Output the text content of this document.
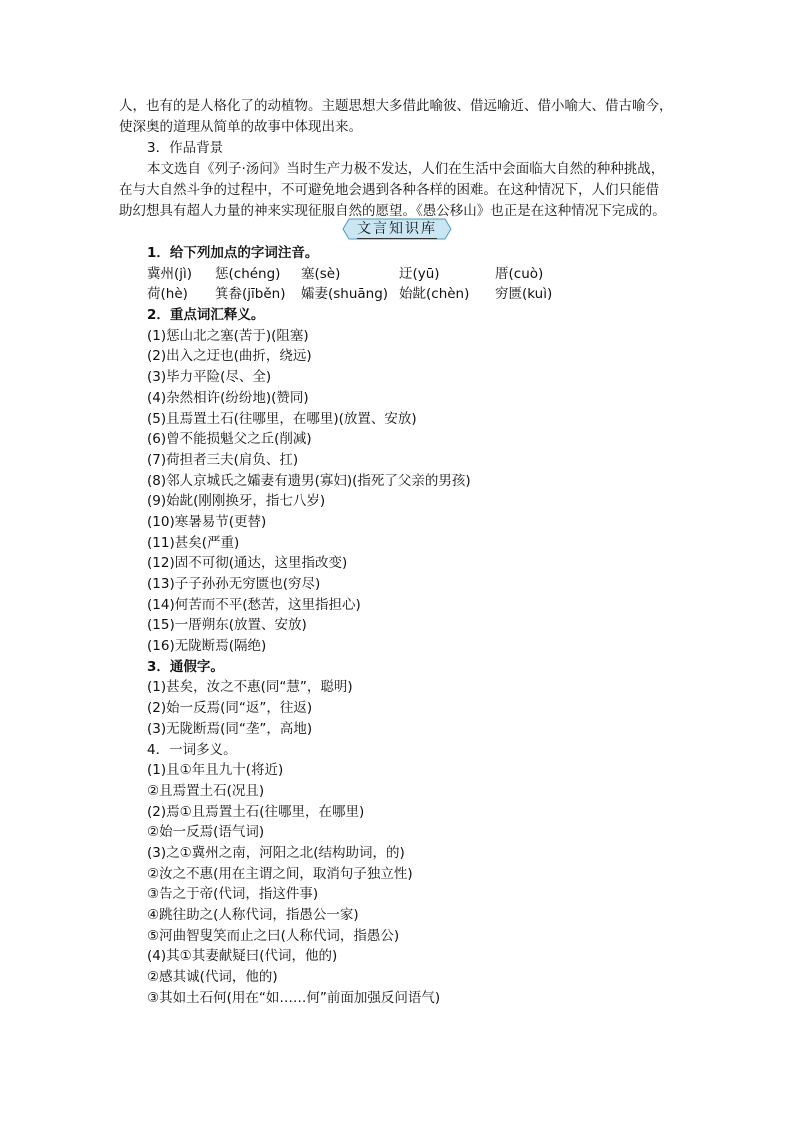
人，也有的是人格化了的动植物。主题思想大多借此喻彼、借远喻近、借小喻大、借古喻今，

使深奥的道理从简单的故事中体现出来。

3．作品背景

本文选自《列子·汤问》当时生产力极不发达，人们在生活中会面临大自然的种种挑战，

在与大自然斗争的过程中，不可避免地会遇到各种各样的困难。在这种情况下，人们只能借

助幻想具有超人力量的神来实现征服自然的愿望。《愚公移山》也正是在这种情况下完成的。

文言知识库
1．给下列加点的字词注音。
冀州(jì)	惩(chéng)	塞(sè)	迂(yū)	厝(cuò)
荷(hè)	箕畚(jīběn)	孀妻(shuāng) 始龀(chèn)	穷匮(kuì)
2．重点词汇释义。
(1)惩山北之塞(苦于)(阻塞)
(2)出入之迂也(曲折，绕远)
(3)毕力平险(尽、全)
(4)杂然相许(纷纷地)(赞同)
(5)且焉置土石(往哪里，在哪里)(放置、安放)
(6)曾不能损魁父之丘(削减)
(7)荷担者三夫(肩负、扛)
(8)邻人京城氏之孀妻有遗男(寡妇)(指死了父亲的男孩)
(9)始龀(刚刚换牙，指七八岁)
(10)寒暑易节(更替)
(11)甚矣(严重)
(12)固不可彻(通达，这里指改变)
(13)子子孙孙无穷匮也(穷尽)
(14)何苦而不平(愁苦，这里指担心)
(15)一厝朔东(放置、安放)
(16)无陇断焉(隔绝)
3．通假字。
(1)甚矣，汝之不惠(同“慧”，聪明)
(2)始一反焉(同“返”，往返)
(3)无陇断焉(同“垄”，高地)
4．一词多义。
(1)且①年且九十(将近)
②且焉置土石(况且)
(2)焉①且焉置土石(往哪里，在哪里)
②始一反焉(语气词)
(3)之①冀州之南，河阳之北(结构助词，的)
②汝之不惠(用在主谓之间，取消句子独立性)
③告之于帝(代词，指这件事)
④跳往助之(人称代词，指愚公一家)
⑤河曲智叟笑而止之曰(人称代词，指愚公)
(4)其①其妻献疑曰(代词，他的)
②感其诚(代词，他的)
③其如土石何(用在“如……何”前面加强反问语气)
